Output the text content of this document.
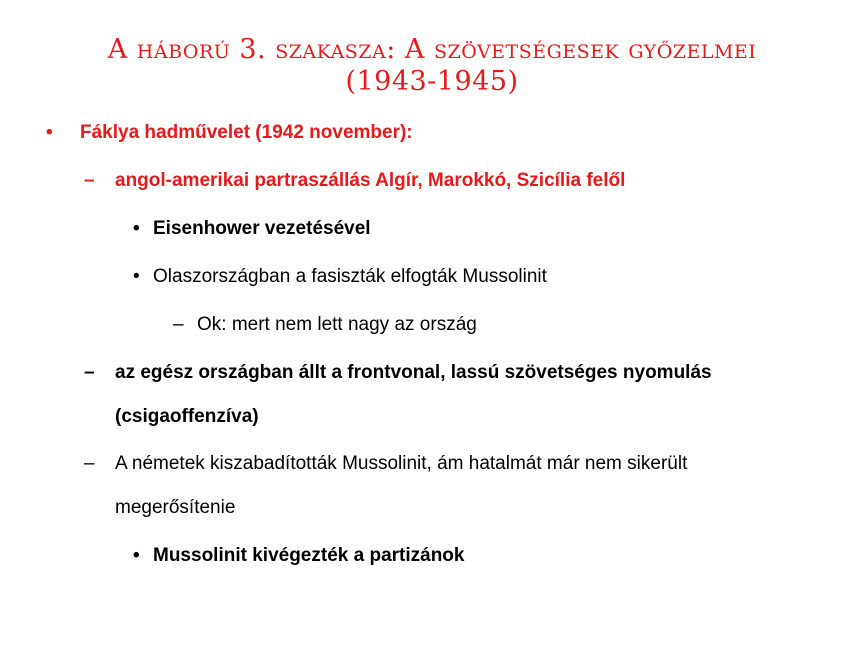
A háború 3. szakasza: A szövetségesek győzelmei
(1943-1945)
• Fáklya hadművelet (1942 november):
– angol-amerikai partraszállás Algír, Marokkó, Szicília felől
• Eisenhower vezetésével
• Olaszországban a fasiszták elfogták Mussolinit
– Ok: mert nem lett nagy az ország
– az egész országban állt a frontvonal, lassú szövetséges nyomulás
(csigaoffenzíva)
– A németek kiszabadították Mussolinit, ám hatalmát már nem sikerült
megerősítenie
• Mussolinit kivégezték a partizánok
